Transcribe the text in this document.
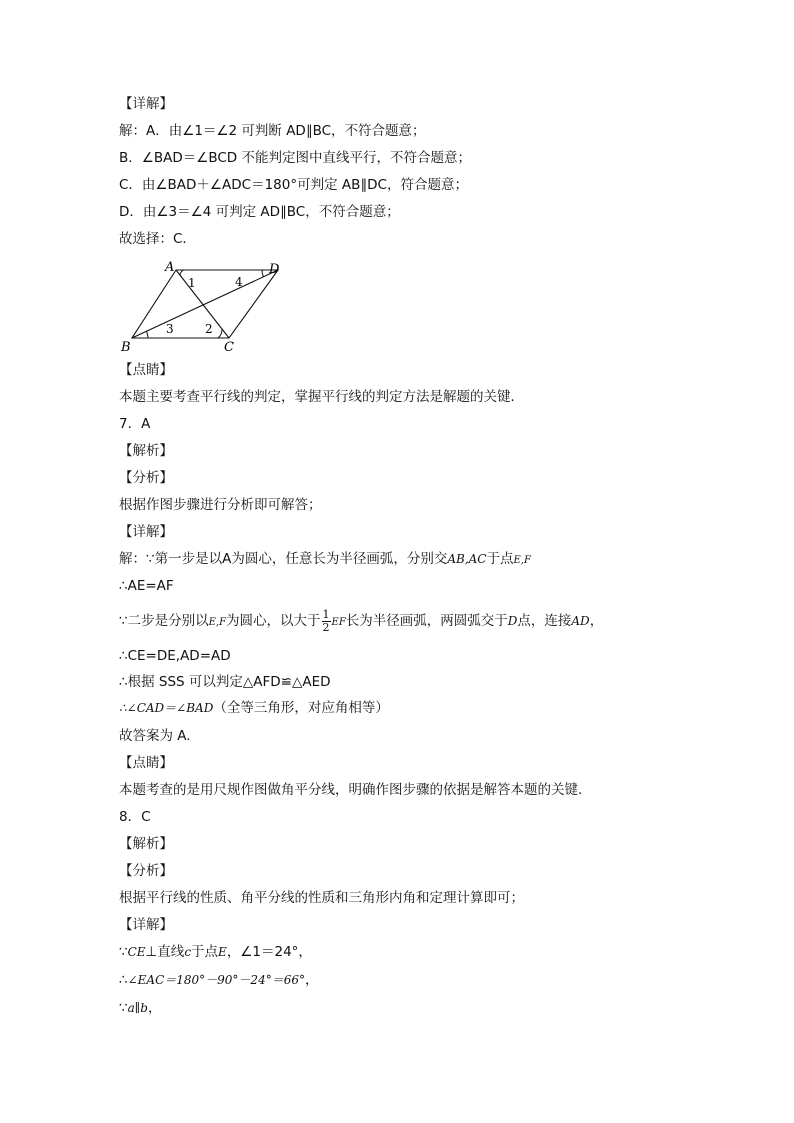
【详解】
解：A．由∠1＝∠2 可判断 AD∥BC，不符合题意；
B．∠BAD＝∠BCD 不能判定图中直线平行，不符合题意；
C．由∠BAD＋∠ADC＝180°可判定 AB∥DC，符合题意；
D．由∠3＝∠4 可判定 AD∥BC，不符合题意；
故选择：C．
A	D
B	C
1	4
3	2
【点睛】
本题主要考查平行线的判定，掌握平行线的判定方法是解题的关键．
7．A
【解析】
【分析】
根据作图步骤进行分析即可解答；
【详解】
解：∵第一步是以A为圆心，任意长为半径画弧，分别交AB,AC于点E,F
∴AE=AF
∵二步是分别以E,F为圆心，以大于 $\frac{1}{2}$ EF长为半径画弧，两圆弧交于D点，连接AD，
∴CE=DE,AD=AD
∴根据 SSS 可以判定△AFD≌△AED
∴∠CAD＝∠BAD（全等三角形，对应角相等）
故答案为 A.
【点睛】
本题考查的是用尺规作图做角平分线，明确作图步骤的依据是解答本题的关键.
8．C
【解析】
【分析】
根据平行线的性质、角平分线的性质和三角形内角和定理计算即可；
【详解】
∵CE⊥直线c于点E，∠1＝24°，
∴∠EAC＝180°－90°－24°＝66°，
∵a∥b，
